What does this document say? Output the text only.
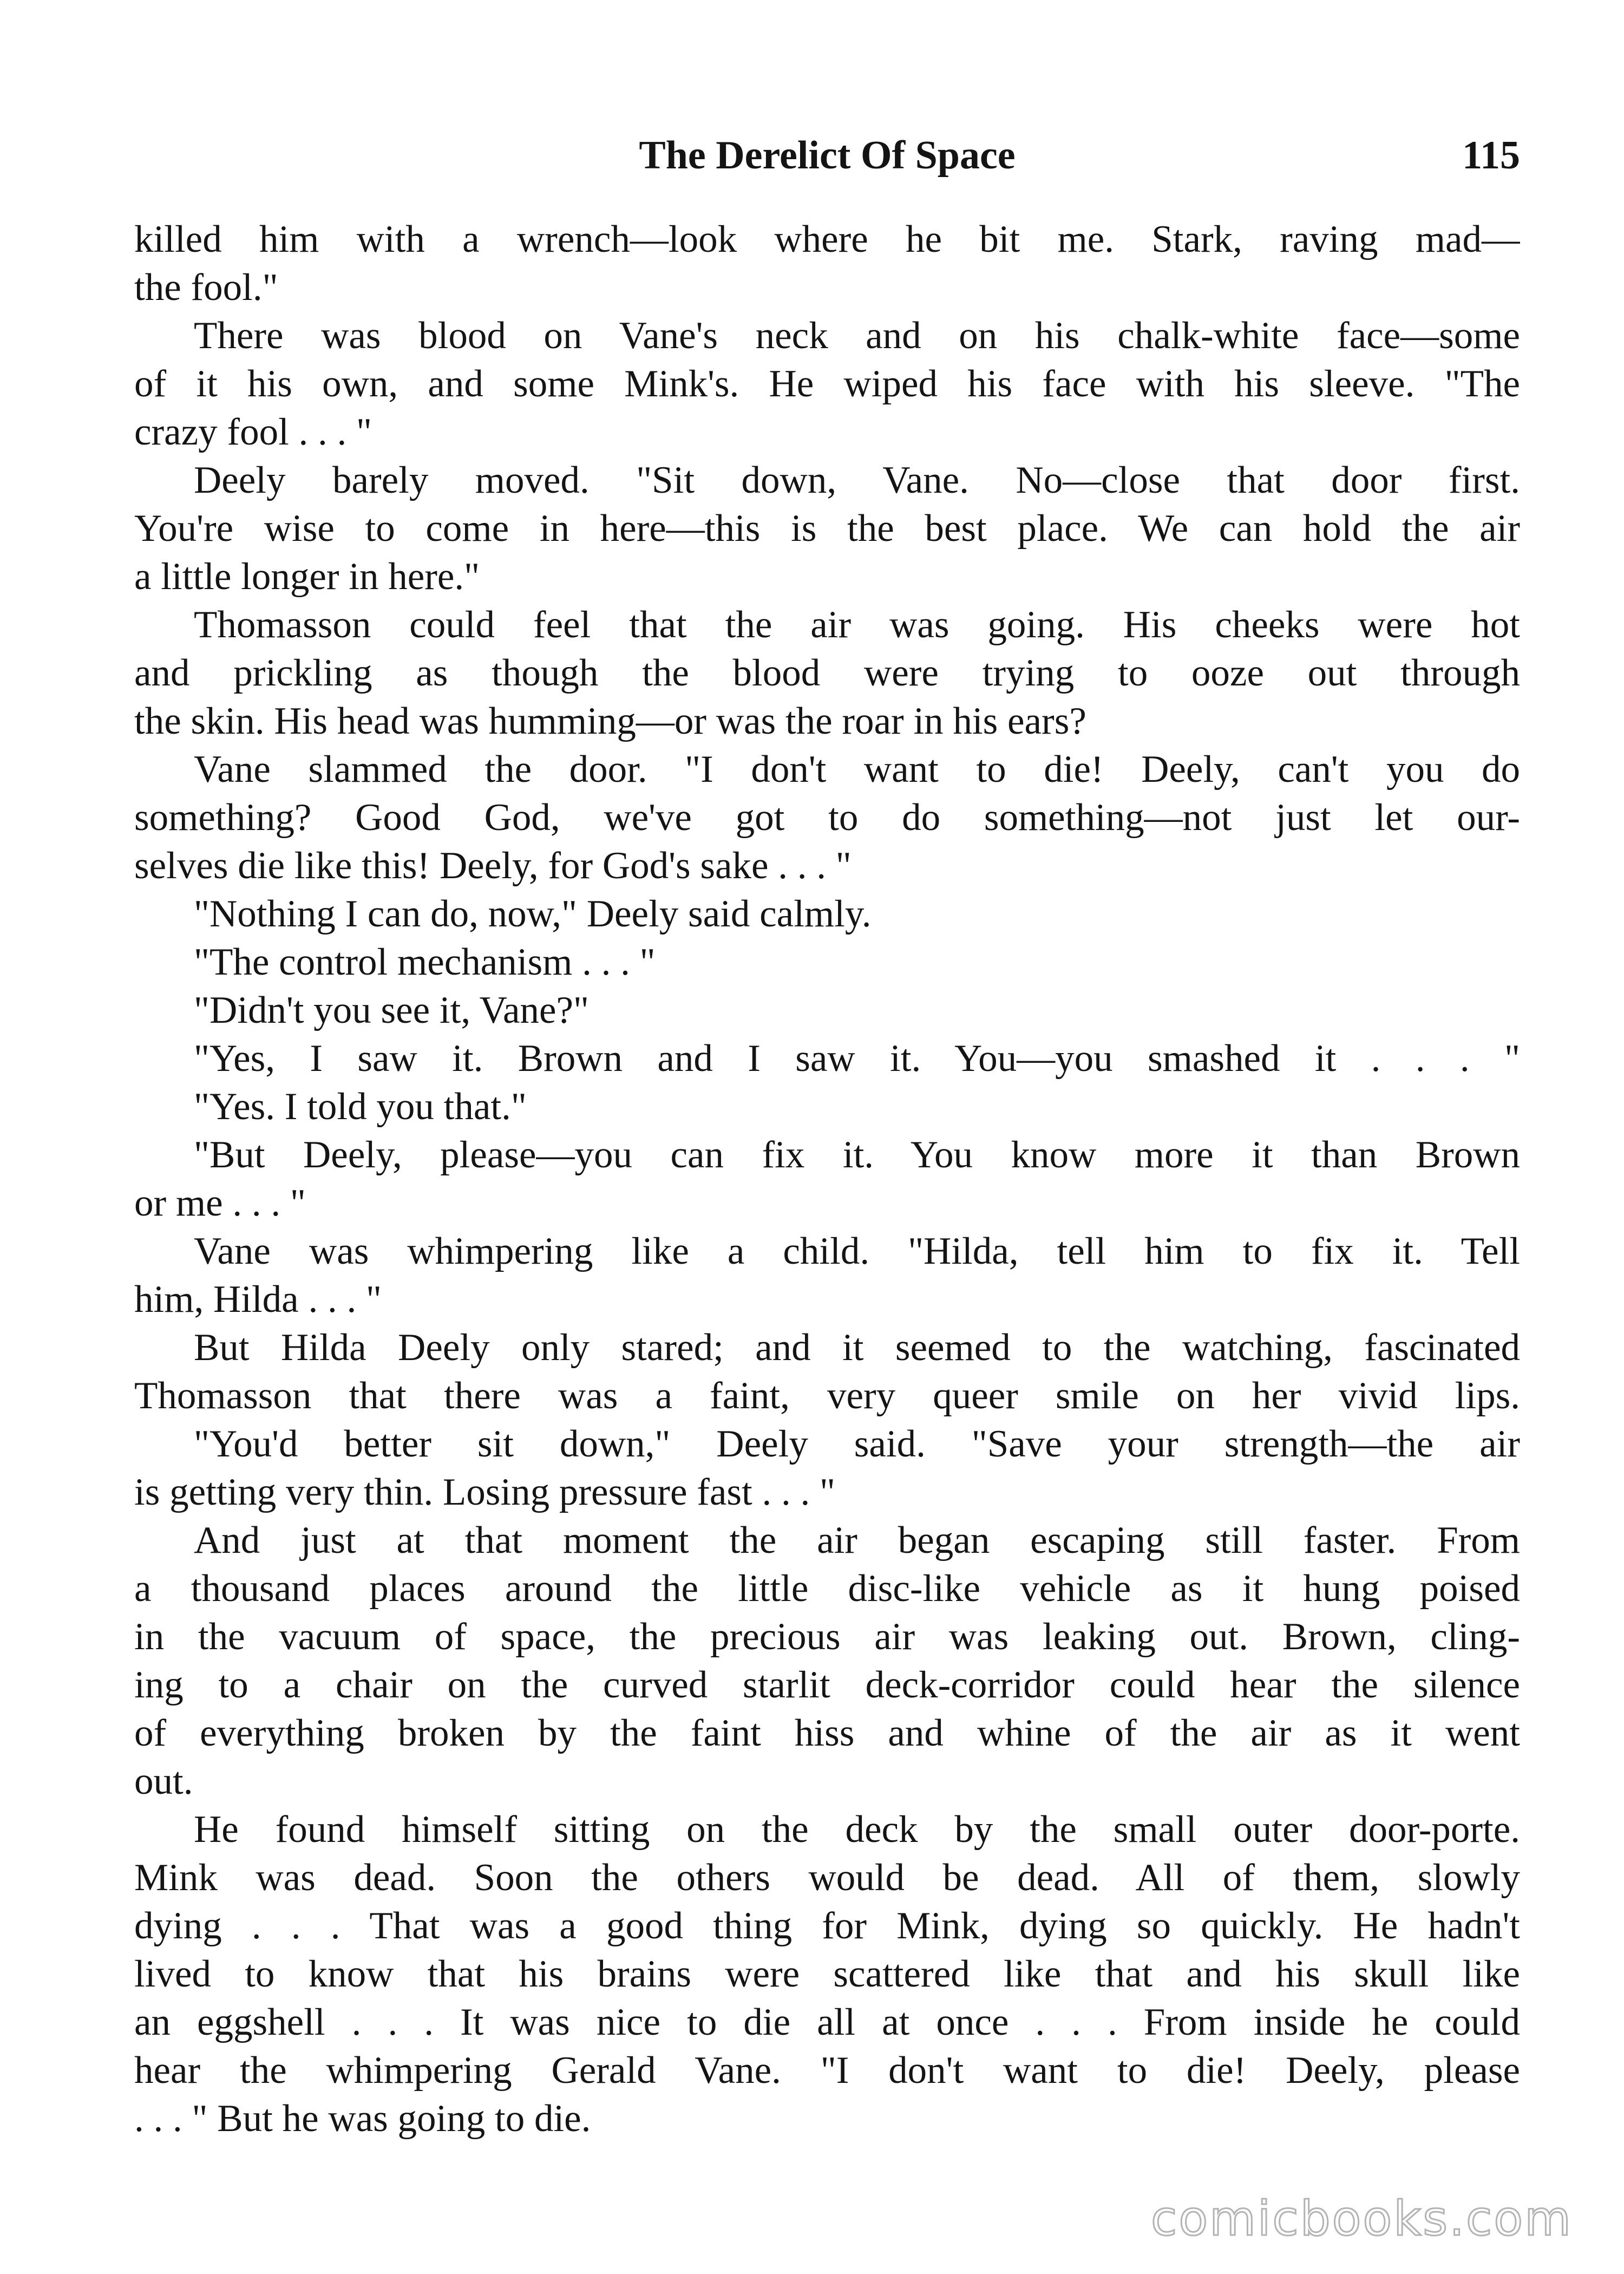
The Derelict Of Space	115
killed him with a wrench—look where he bit me. Stark, raving mad—
the fool."
There was blood on Vane's neck and on his chalk-white face—some
of it his own, and some Mink's. He wiped his face with his sleeve. "The
crazy fool . . . "
Deely barely moved. "Sit down, Vane. No—close that door first.
You're wise to come in here—this is the best place. We can hold the air
a little longer in here."
Thomasson could feel that the air was going. His cheeks were hot
and prickling as though the blood were trying to ooze out through
the skin. His head was humming—or was the roar in his ears?
Vane slammed the door. "I don't want to die! Deely, can't you do
something? Good God, we've got to do something—not just let our-
selves die like this! Deely, for God's sake . . . "
"Nothing I can do, now," Deely said calmly.
"The control mechanism . . . "
"Didn't you see it, Vane?"
"Yes, I saw it. Brown and I saw it. You—you smashed it . . . "
"Yes. I told you that."
"But Deely, please—you can fix it. You know more it than Brown
or me . . . "
Vane was whimpering like a child. "Hilda, tell him to fix it. Tell
him, Hilda . . . "
But Hilda Deely only stared; and it seemed to the watching, fascinated
Thomasson that there was a faint, very queer smile on her vivid lips.
"You'd better sit down," Deely said. "Save your strength—the air
is getting very thin. Losing pressure fast . . . "
And just at that moment the air began escaping still faster. From
a thousand places around the little disc-like vehicle as it hung poised
in the vacuum of space, the precious air was leaking out. Brown, cling-
ing to a chair on the curved starlit deck-corridor could hear the silence
of everything broken by the faint hiss and whine of the air as it went
out.
He found himself sitting on the deck by the small outer door-porte.
Mink was dead. Soon the others would be dead. All of them, slowly
dying . . . That was a good thing for Mink, dying so quickly. He hadn't
lived to know that his brains were scattered like that and his skull like
an eggshell . . . It was nice to die all at once . . . From inside he could
hear the whimpering Gerald Vane. "I don't want to die! Deely, please
. . . " But he was going to die.
comicbooks.com
